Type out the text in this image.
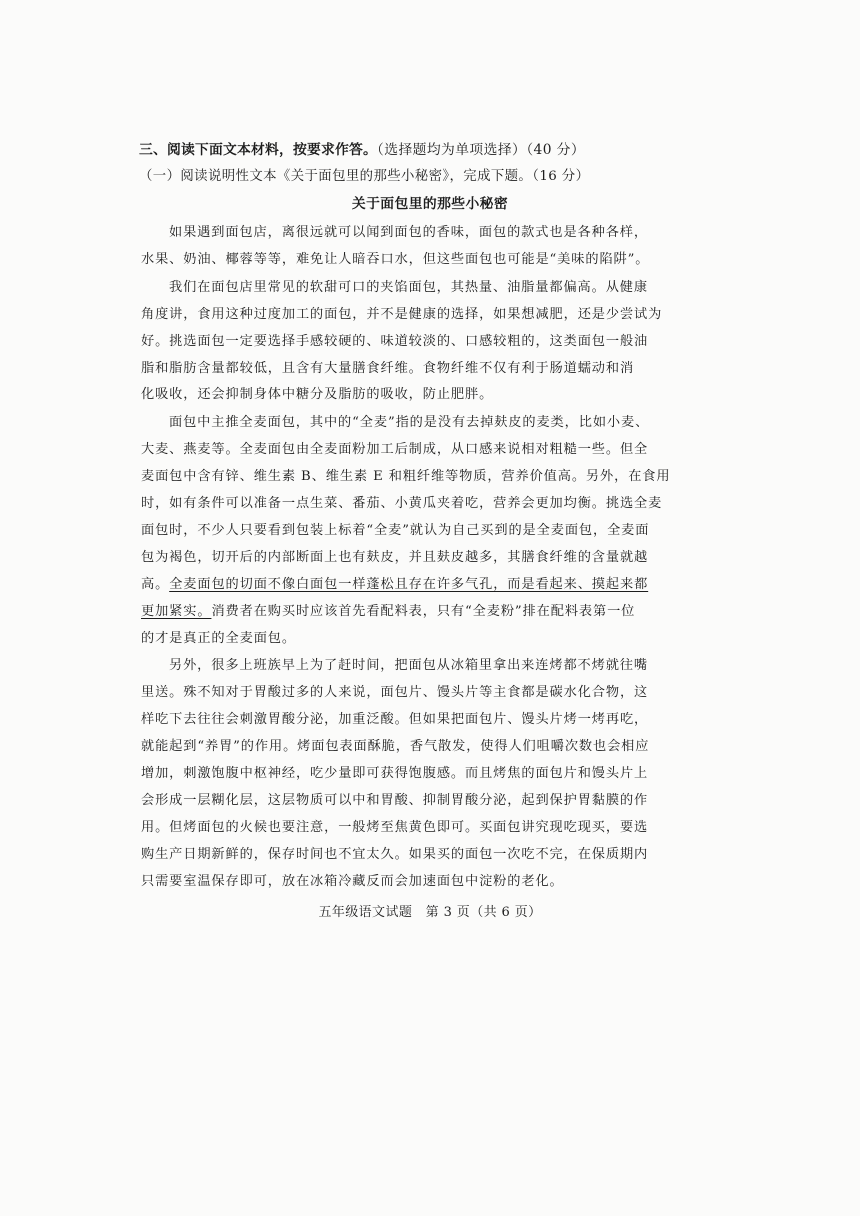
三、阅读下面文本材料，按要求作答。（选择题均为单项选择）（40 分）
（一）阅读说明性文本《关于面包里的那些小秘密》，完成下题。（16 分）
关于面包里的那些小秘密
如果遇到面包店，离很远就可以闻到面包的香味，面包的款式也是各种各样，
水果、奶油、椰蓉等等，难免让人暗吞口水，但这些面包也可能是“美味的陷阱”。
我们在面包店里常见的软甜可口的夹馅面包，其热量、油脂量都偏高。从健康
角度讲，食用这种过度加工的面包，并不是健康的选择，如果想减肥，还是少尝试为
好。挑选面包一定要选择手感较硬的、味道较淡的、口感较粗的，这类面包一般油
脂和脂肪含量都较低，且含有大量膳食纤维。食物纤维不仅有利于肠道蠕动和消
化吸收，还会抑制身体中糖分及脂肪的吸收，防止肥胖。
面包中主推全麦面包，其中的“全麦”指的是没有去掉麸皮的麦类，比如小麦、
大麦、燕麦等。全麦面包由全麦面粉加工后制成，从口感来说相对粗糙一些。但全
麦面包中含有锌、维生素 B、维生素 E 和粗纤维等物质，营养价值高。另外，在食用
时，如有条件可以准备一点生菜、番茄、小黄瓜夹着吃，营养会更加均衡。挑选全麦
面包时，不少人只要看到包装上标着“全麦”就认为自己买到的是全麦面包，全麦面
包为褐色，切开后的内部断面上也有麸皮，并且麸皮越多，其膳食纤维的含量就越
高。全麦面包的切面不像白面包一样蓬松且存在许多气孔，而是看起来、摸起来都
更加紧实。消费者在购买时应该首先看配料表，只有“全麦粉”排在配料表第一位
的才是真正的全麦面包。
另外，很多上班族早上为了赶时间，把面包从冰箱里拿出来连烤都不烤就往嘴
里送。殊不知对于胃酸过多的人来说，面包片、馒头片等主食都是碳水化合物，这
样吃下去往往会刺激胃酸分泌，加重泛酸。但如果把面包片、馒头片烤一烤再吃，
就能起到“养胃”的作用。烤面包表面酥脆，香气散发，使得人们咀嚼次数也会相应
增加，刺激饱腹中枢神经，吃少量即可获得饱腹感。而且烤焦的面包片和馒头片上
会形成一层糊化层，这层物质可以中和胃酸、抑制胃酸分泌，起到保护胃黏膜的作
用。但烤面包的火候也要注意，一般烤至焦黄色即可。买面包讲究现吃现买，要选
购生产日期新鲜的，保存时间也不宜太久。如果买的面包一次吃不完，在保质期内
只需要室温保存即可，放在冰箱冷藏反而会加速面包中淀粉的老化。
五年级语文试题　第 3 页（共 6 页）
